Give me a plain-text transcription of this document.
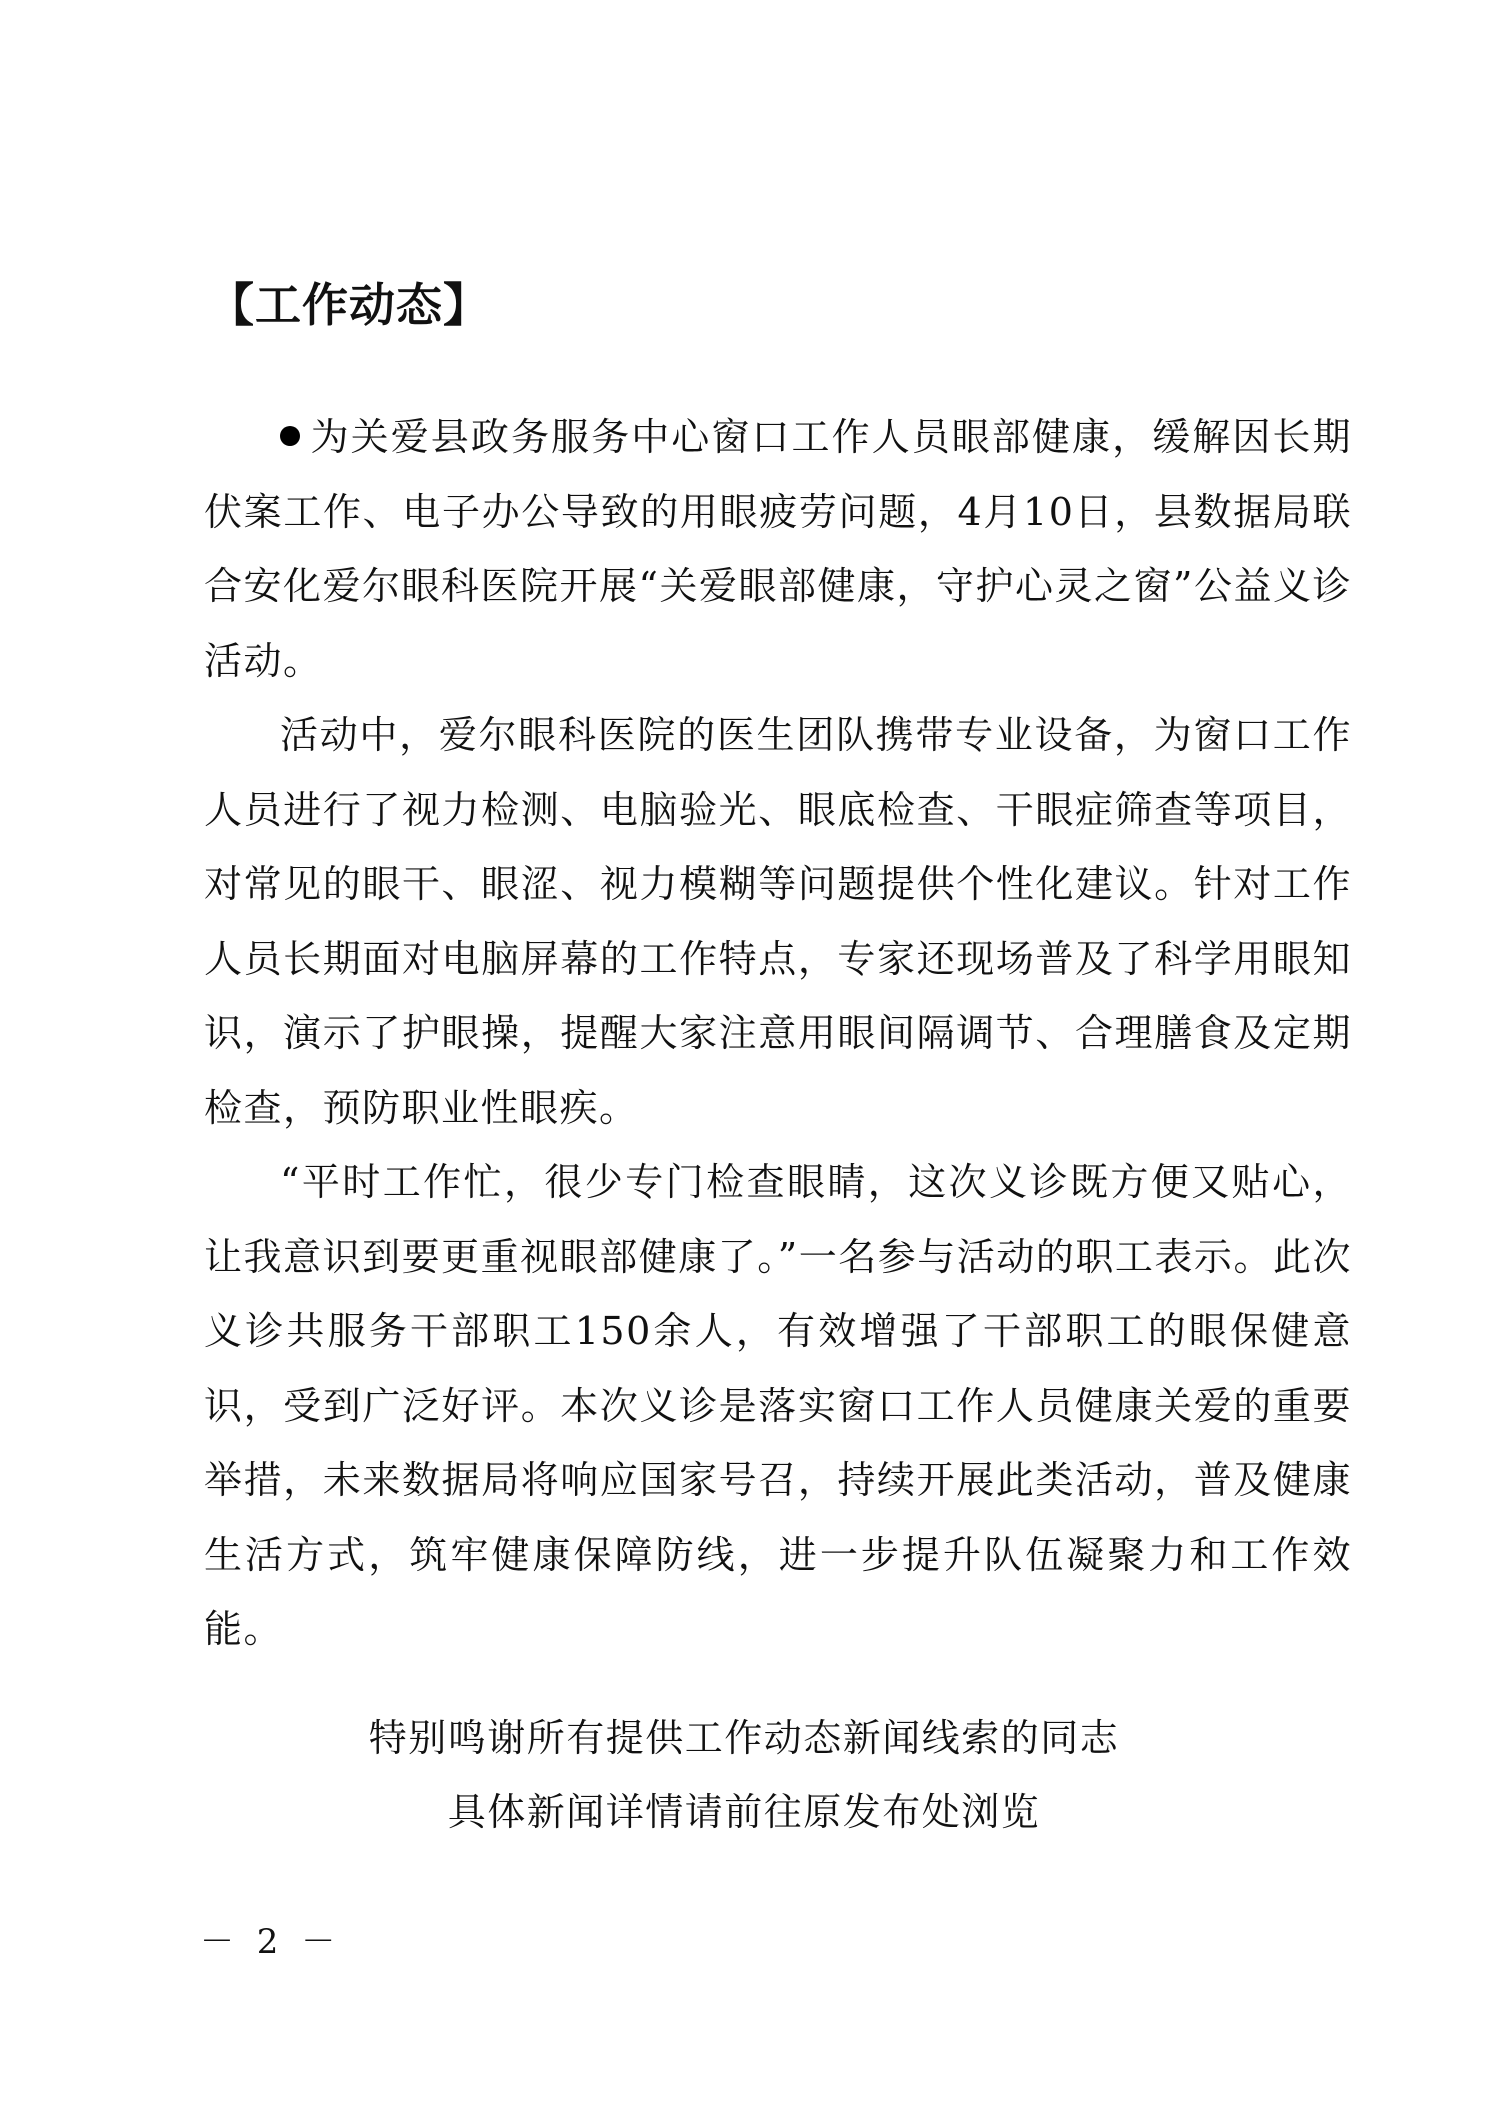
【工作动态】

为关爱县政务服务中心窗口工作人员眼部健康，缓解因长期伏案工作、电子办公导致的用眼疲劳问题，4月10日，县数据局联合安化爱尔眼科医院开展“关爱眼部健康，守护心灵之窗”公益义诊活动。

活动中，爱尔眼科医院的医生团队携带专业设备，为窗口工作人员进行了视力检测、电脑验光、眼底检查、干眼症筛查等项目，对常见的眼干、眼涩、视力模糊等问题提供个性化建议。针对工作人员长期面对电脑屏幕的工作特点，专家还现场普及了科学用眼知识，演示了护眼操，提醒大家注意用眼间隔调节、合理膳食及定期检查，预防职业性眼疾。

“平时工作忙，很少专门检查眼睛，这次义诊既方便又贴心，让我意识到要更重视眼部健康了。”一名参与活动的职工表示。此次义诊共服务干部职工150余人，有效增强了干部职工的眼保健意识，受到广泛好评。本次义诊是落实窗口工作人员健康关爱的重要举措，未来数据局将响应国家号召，持续开展此类活动，普及健康生活方式，筑牢健康保障防线，进一步提升队伍凝聚力和工作效能。

特别鸣谢所有提供工作动态新闻线索的同志

具体新闻详情请前往原发布处浏览

－ 2 －
